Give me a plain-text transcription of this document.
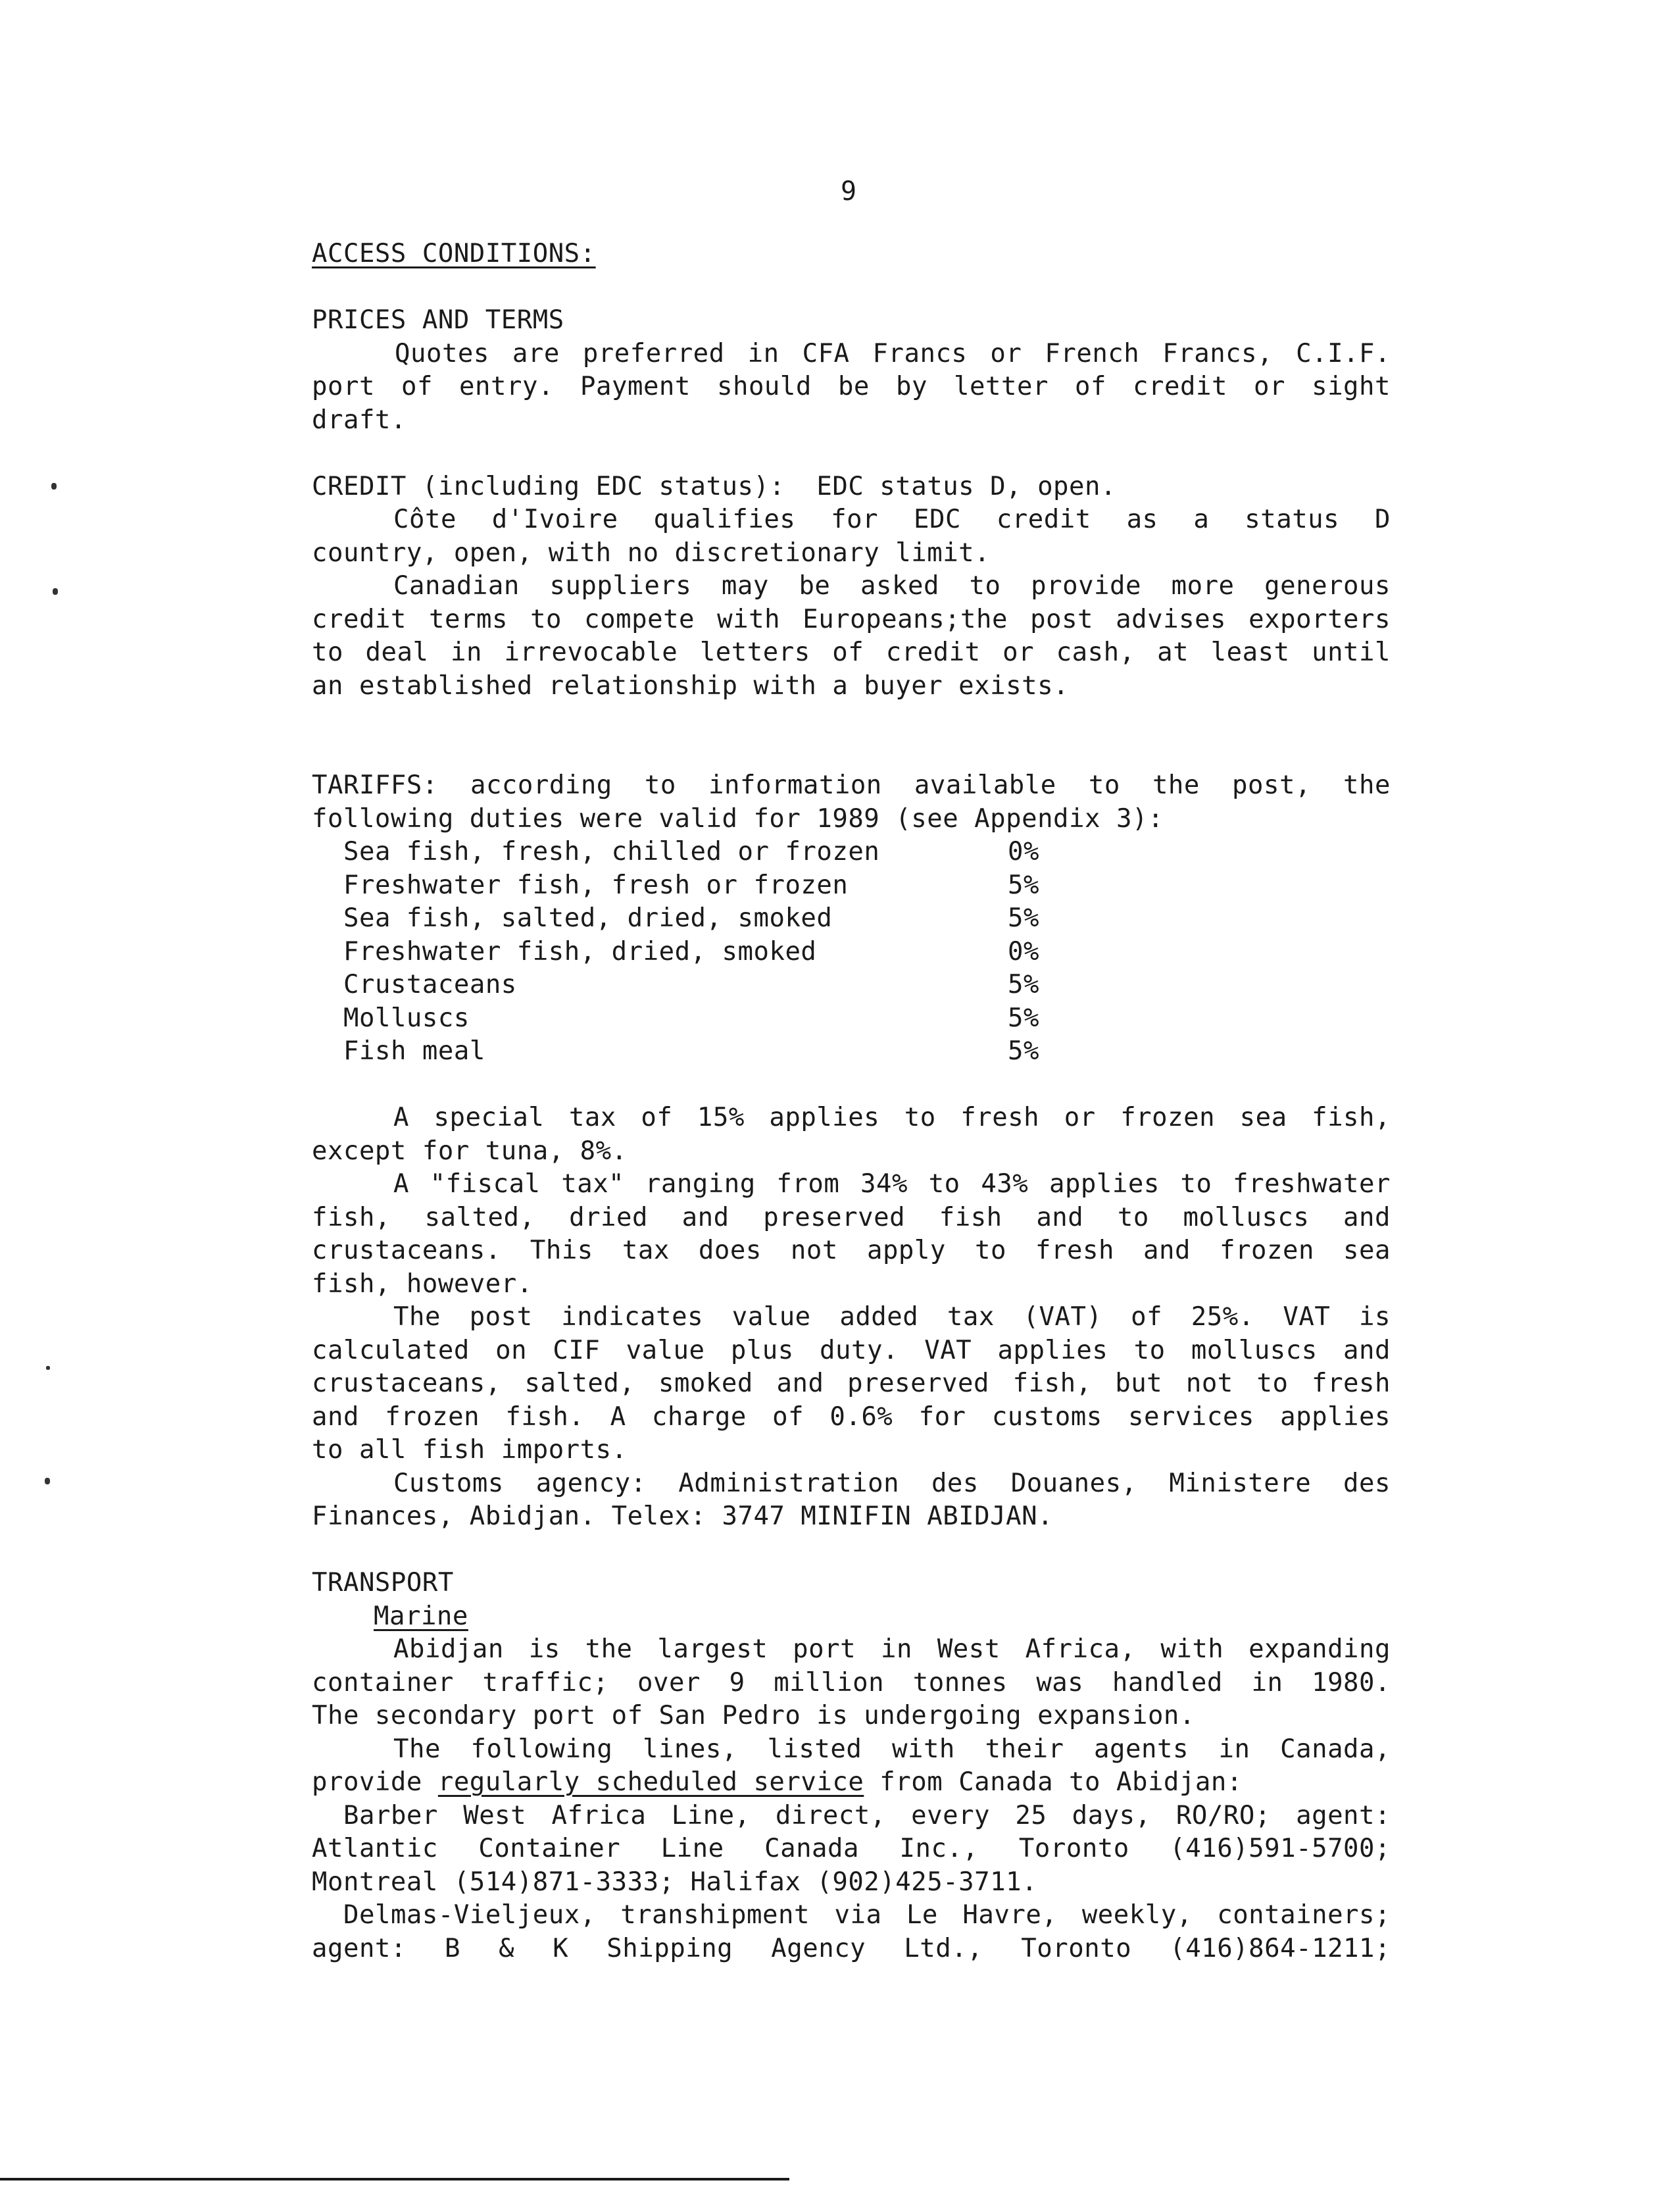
9
ACCESS CONDITIONS:
PRICES AND TERMS
Quotes are preferred in CFA Francs or French Francs, C.I.F.
port of entry. Payment should be by letter of credit or sight
draft.
CREDIT (including EDC status):  EDC status D, open.
Côte d'Ivoire qualifies for EDC credit as a status D
country, open, with no discretionary limit.
Canadian suppliers may be asked to provide more generous
credit terms to compete with Europeans;the post advises exporters
to deal in irrevocable letters of credit or cash, at least until
an established relationship with a buyer exists.
TARIFFS: according to information available to the post, the
following duties were valid for 1989 (see Appendix 3):
Sea fish, fresh, chilled or frozen	0%
Freshwater fish, fresh or frozen	5%
Sea fish, salted, dried, smoked	5%
Freshwater fish, dried, smoked	0%
Crustaceans	5%
Molluscs	5%
Fish meal	5%
A special tax of 15% applies to fresh or frozen sea fish,
except for tuna, 8%.
A "fiscal tax" ranging from 34% to 43% applies to freshwater
fish, salted, dried and preserved fish and to molluscs and
crustaceans. This tax does not apply to fresh and frozen sea
fish, however.
The post indicates value added tax (VAT) of 25%. VAT is
calculated on CIF value plus duty. VAT applies to molluscs and
crustaceans, salted, smoked and preserved fish, but not to fresh
and frozen fish. A charge of 0.6% for customs services applies
to all fish imports.
Customs agency: Administration des Douanes, Ministere des
Finances, Abidjan. Telex: 3747 MINIFIN ABIDJAN.
TRANSPORT
Marine
Abidjan is the largest port in West Africa, with expanding
container traffic; over 9 million tonnes was handled in 1980.
The secondary port of San Pedro is undergoing expansion.
The following lines, listed with their agents in Canada,
provide regularly scheduled service from Canada to Abidjan:
Barber West Africa Line, direct, every 25 days, RO/RO; agent:
Atlantic Container Line Canada Inc., Toronto (416)591-5700;
Montreal (514)871-3333; Halifax (902)425-3711.
Delmas-Vieljeux, transhipment via Le Havre, weekly, containers;
agent: B & K Shipping Agency Ltd., Toronto (416)864-1211;
